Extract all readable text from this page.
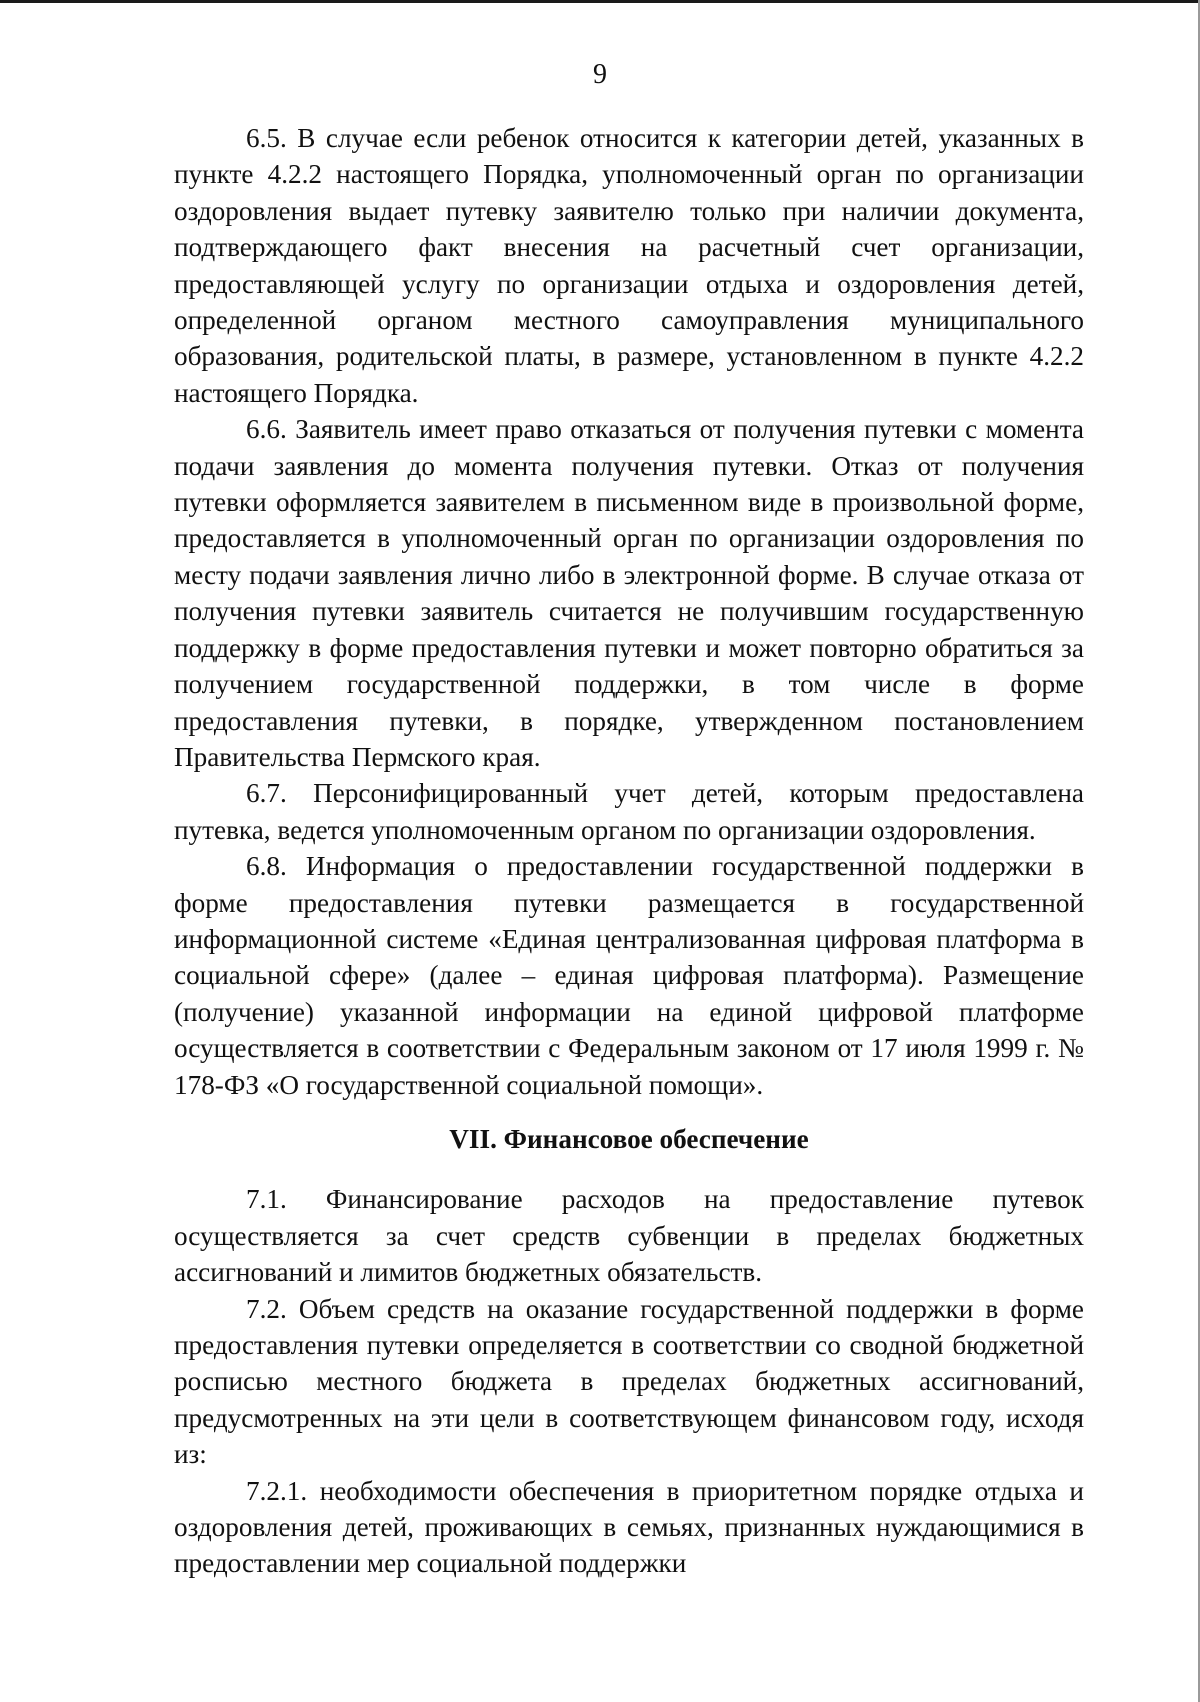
9

6.5. В случае если ребенок относится к категории детей, указанных в пункте 4.2.2 настоящего Порядка, уполномоченный орган по организации оздоровления выдает путевку заявителю только при наличии документа, подтверждающего факт внесения на расчетный счет организации, предоставляющей услугу по организации отдыха и оздоровления детей, определенной органом местного самоуправления муниципального образования, родительской платы, в размере, установленном в пункте 4.2.2 настоящего Порядка.

6.6. Заявитель имеет право отказаться от получения путевки с момента подачи заявления до момента получения путевки. Отказ от получения путевки оформляется заявителем в письменном виде в произвольной форме, предоставляется в уполномоченный орган по организации оздоровления по месту подачи заявления лично либо в электронной форме. В случае отказа от получения путевки заявитель считается не получившим государственную поддержку в форме предоставления путевки и может повторно обратиться за получением государственной поддержки, в том числе в форме предоставления путевки, в порядке, утвержденном постановлением Правительства Пермского края.

6.7. Персонифицированный учет детей, которым предоставлена путевка, ведется уполномоченным органом по организации оздоровления.

6.8. Информация о предоставлении государственной поддержки в форме предоставления путевки размещается в государственной информационной системе «Единая централизованная цифровая платформа в социальной сфере» (далее – единая цифровая платформа). Размещение (получение) указанной информации на единой цифровой платформе осуществляется в соответствии с Федеральным законом от 17 июля 1999 г. № 178-ФЗ «О государственной социальной помощи».

VII. Финансовое обеспечение

7.1. Финансирование расходов на предоставление путевок осуществляется за счет средств субвенции в пределах бюджетных ассигнований и лимитов бюджетных обязательств.

7.2. Объем средств на оказание государственной поддержки в форме предоставления путевки определяется в соответствии со сводной бюджетной росписью местного бюджета в пределах бюджетных ассигнований, предусмотренных на эти цели в соответствующем финансовом году, исходя из:

7.2.1. необходимости обеспечения в приоритетном порядке отдыха и оздоровления детей, проживающих в семьях, признанных нуждающимися в предоставлении мер социальной поддержки
